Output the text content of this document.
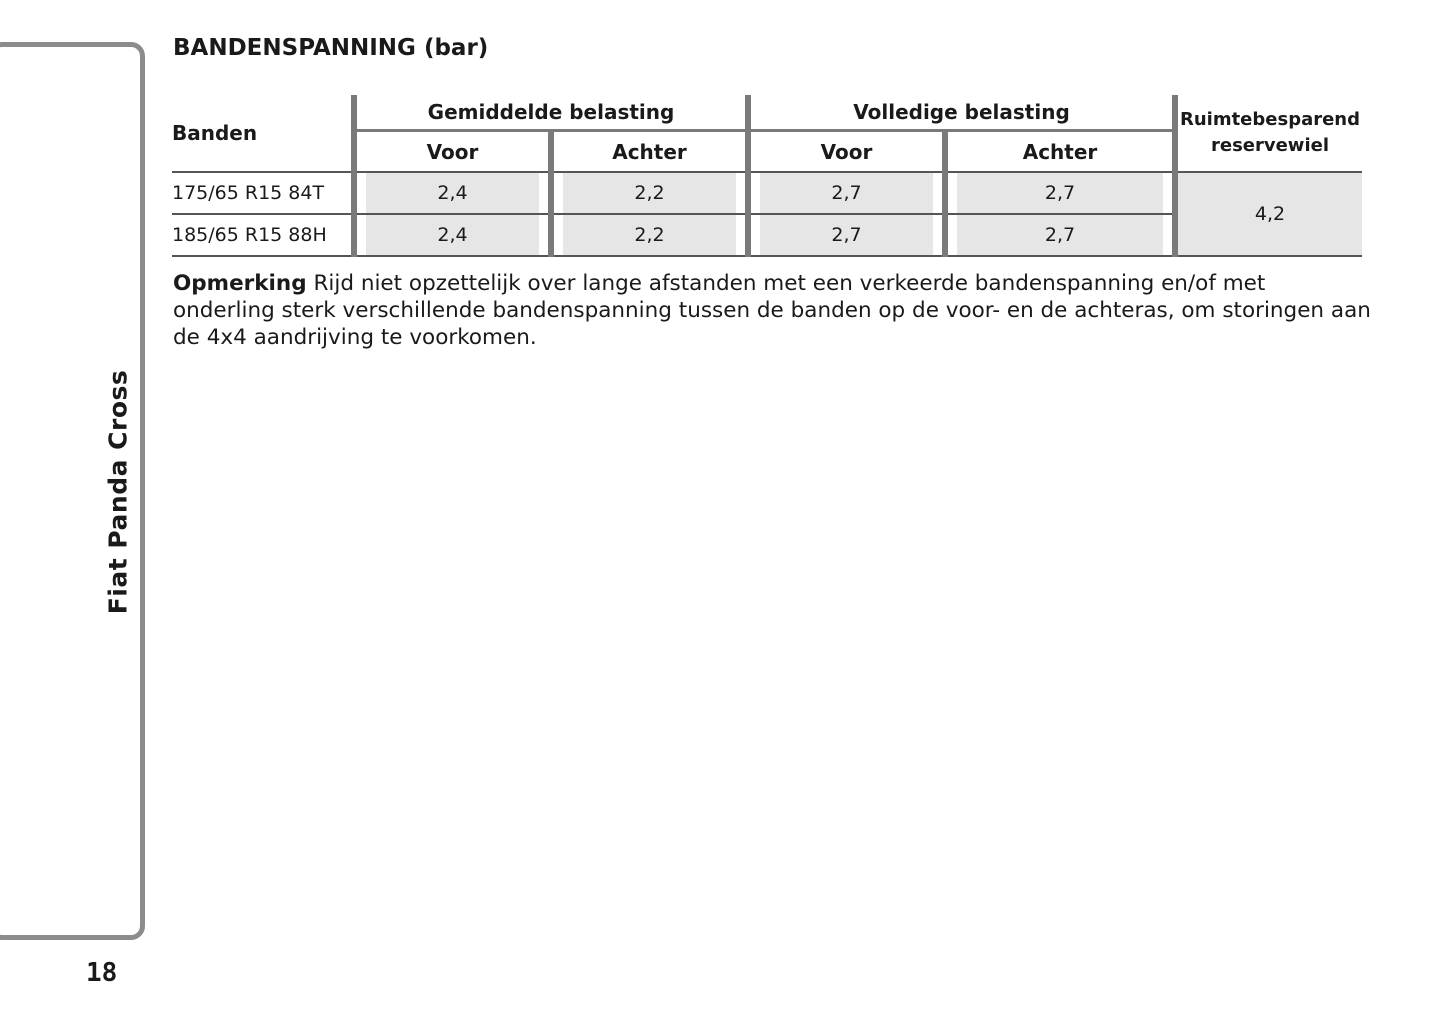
Fiat Panda Cross
18
BANDENSPANNING (bar)
Banden	Gemiddelde belasting		Volledige belasting		Ruimtebesparend
reservewiel
	Voor	Achter	Voor	Achter	
175/65 R15 84T	2,4	2,2	2,7	2,7	4,2
185/65 R15 88H	2,4	2,2	2,7	2,7	

Opmerking Rijd niet opzettelijk over lange afstanden met een verkeerde bandenspanning en/of met onderling sterk verschillende bandenspanning tussen de banden op de voor- en de achteras, om storingen aan de 4x4 aandrijving te voorkomen.
